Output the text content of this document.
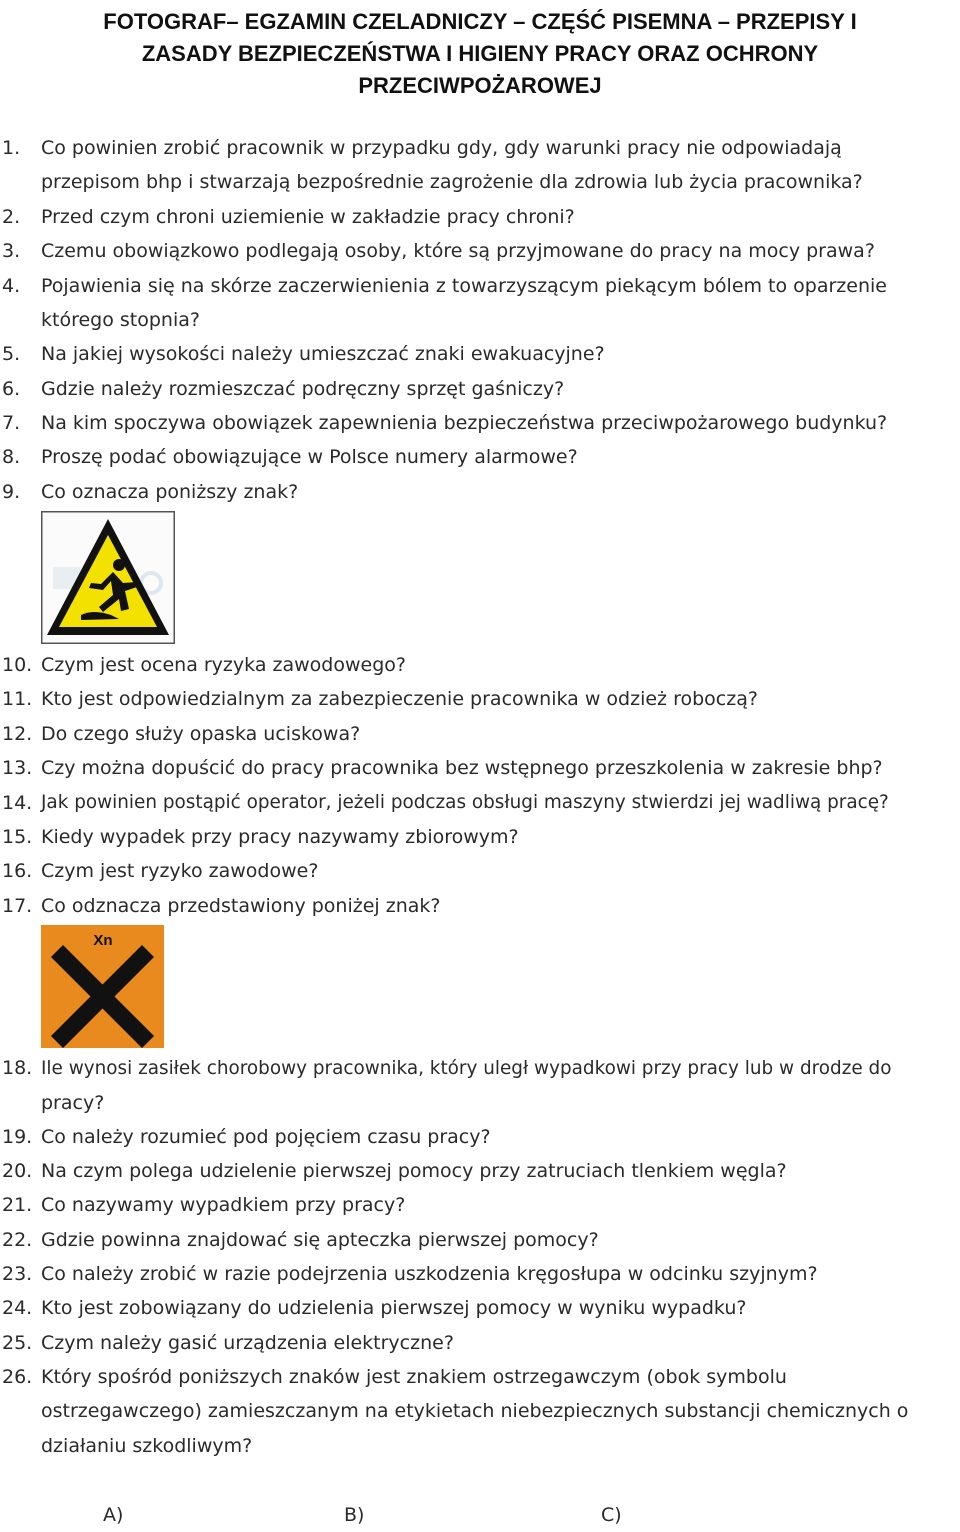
FOTOGRAF– EGZAMIN CZELADNICZY – CZĘŚĆ PISEMNA – PRZEPISY I
ZASADY BEZPIECZEŃSTWA I HIGIENY PRACY ORAZ OCHRONY
PRZECIWPOŻAROWEJ
1. Co powinien zrobić pracownik w przypadku gdy, gdy warunki pracy nie odpowiadają
przepisom bhp i stwarzają bezpośrednie zagrożenie dla zdrowia lub życia pracownika?
2. Przed czym chroni uziemienie w zakładzie pracy chroni?
3. Czemu obowiązkowo podlegają osoby, które są przyjmowane do pracy na mocy prawa?
4. Pojawienia się na skórze zaczerwienienia z towarzyszącym piekącym bólem to oparzenie
którego stopnia?
5. Na jakiej wysokości należy umieszczać znaki ewakuacyjne?
6. Gdzie należy rozmieszczać podręczny sprzęt gaśniczy?
7. Na kim spoczywa obowiązek zapewnienia bezpieczeństwa przeciwpożarowego budynku?
8. Proszę podać obowiązujące w Polsce numery alarmowe?
9. Co oznacza poniższy znak?
10. Czym jest ocena ryzyka zawodowego?
11. Kto jest odpowiedzialnym za zabezpieczenie pracownika w odzież roboczą?
12. Do czego służy opaska uciskowa?
13. Czy można dopuścić do pracy pracownika bez wstępnego przeszkolenia w zakresie bhp?
14. Jak powinien postąpić operator, jeżeli podczas obsługi maszyny stwierdzi jej wadliwą pracę?
15. Kiedy wypadek przy pracy nazywamy zbiorowym?
16. Czym jest ryzyko zawodowe?
17. Co odznacza przedstawiony poniżej znak?
Xn
18. Ile wynosi zasiłek chorobowy pracownika, który uległ wypadkowi przy pracy lub w drodze do
pracy?
19. Co należy rozumieć pod pojęciem czasu pracy?
20. Na czym polega udzielenie pierwszej pomocy przy zatruciach tlenkiem węgla?
21. Co nazywamy wypadkiem przy pracy?
22. Gdzie powinna znajdować się apteczka pierwszej pomocy?
23. Co należy zrobić w razie podejrzenia uszkodzenia kręgosłupa w odcinku szyjnym?
24. Kto jest zobowiązany do udzielenia pierwszej pomocy w wyniku wypadku?
25. Czym należy gasić urządzenia elektryczne?
26. Który spośród poniższych znaków jest znakiem ostrzegawczym (obok symbolu
ostrzegawczego) zamieszczanym na etykietach niebezpiecznych substancji chemicznych o
działaniu szkodliwym?
A)	B)	C)
